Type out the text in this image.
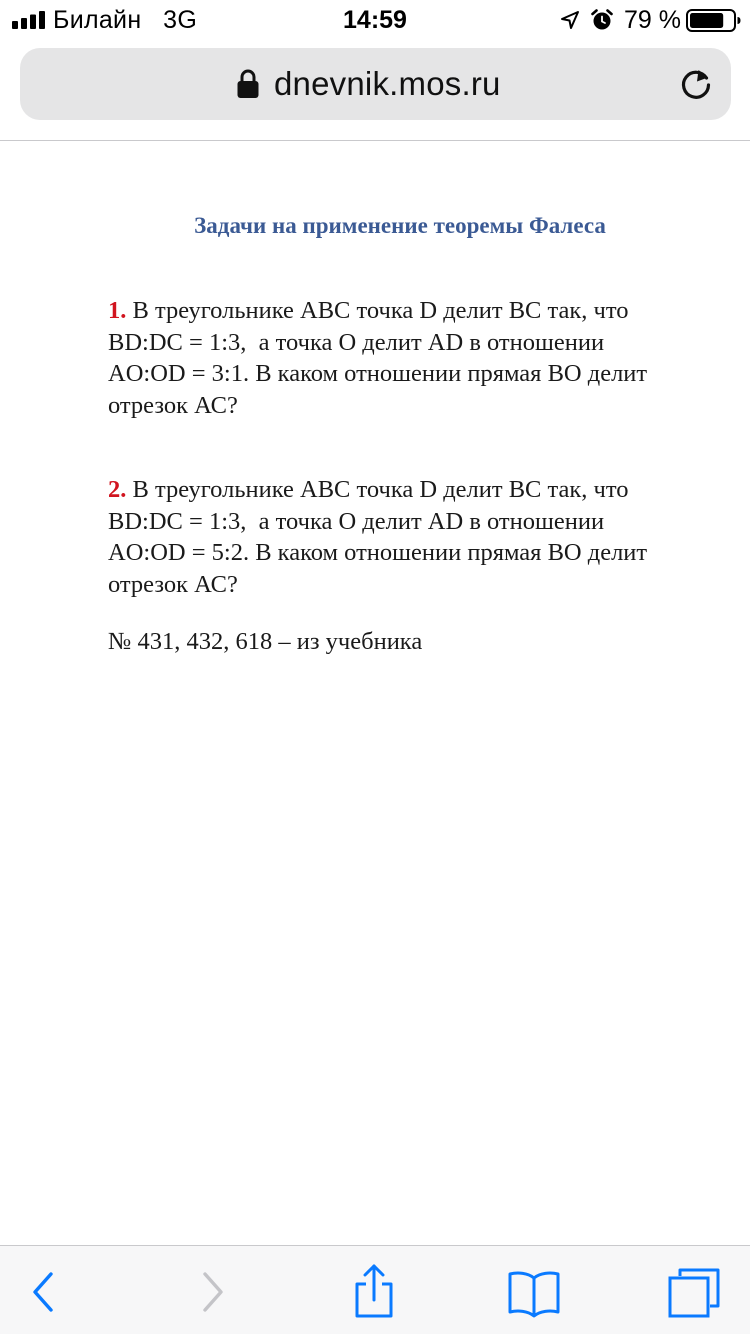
Билайн   3G	14:59	79 %
dnevnik.mos.ru
Задачи на применение теоремы Фалеса
1. В треугольнике АВС точка D делит ВС так, что
BD:DC = 1:3,  а точка О делит AD в отношении
AO:OD = 3:1. В каком отношении прямая ВО делит
отрезок АС?
2. В треугольнике АВС точка D делит ВС так, что
BD:DC = 1:3,  а точка О делит AD в отношении
AO:OD = 5:2. В каком отношении прямая ВО делит
отрезок АС?
№ 431, 432, 618 – из учебника
